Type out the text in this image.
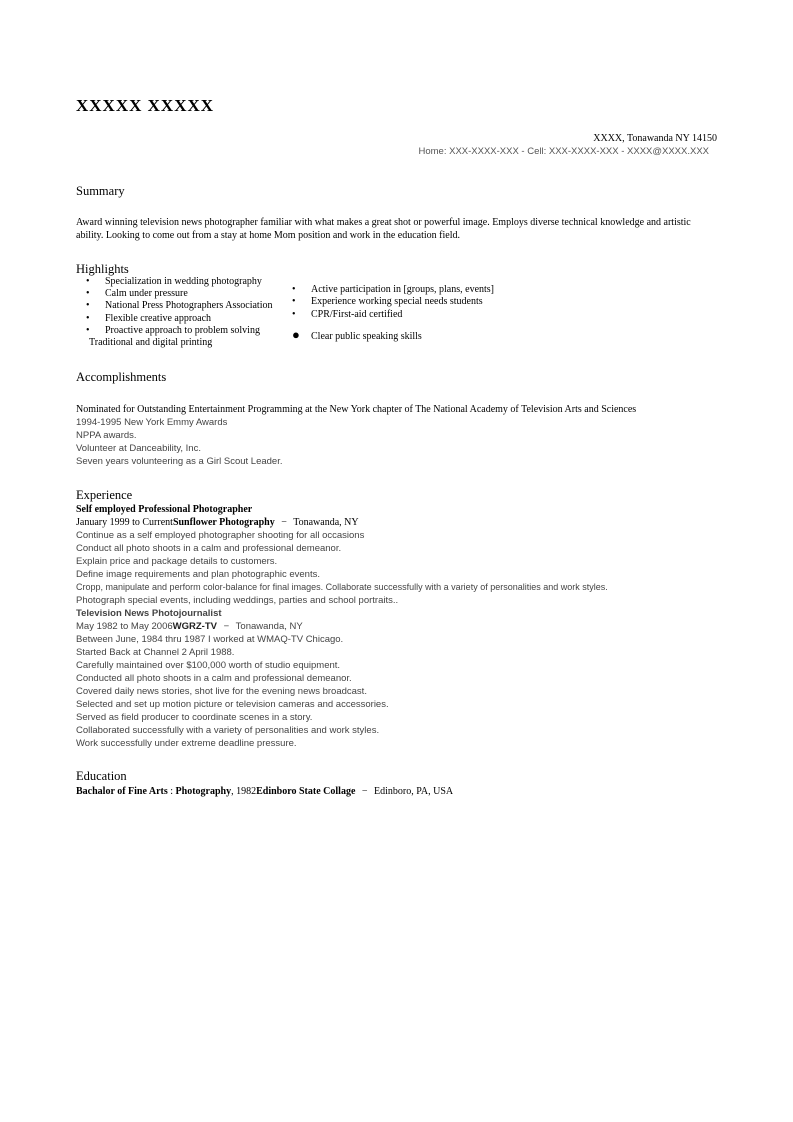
XXXXX XXXXX
XXXX, Tonawanda NY 14150
Home: XXX-XXXX-XXX - Cell: XXX-XXXX-XXX - XXXX@XXXX.XXX
Summary
Award winning television news photographer familiar with what makes a great shot or powerful image. Employs diverse technical knowledge and artistic
ability. Looking to come out from a stay at home Mom position and work in the education field.
Highlights
• Specialization in wedding photography
• Calm under pressure
• National Press Photographers Association
• Flexible creative approach
• Proactive approach to problem solving
Traditional and digital printing
• Active participation in [groups, plans, events]
• Experience working special needs students
• CPR/First-aid certified
● Clear public speaking skills
Accomplishments
Nominated for Outstanding Entertainment Programming at the New York chapter of The National Academy of Television Arts and Sciences
1994-1995 New York Emmy Awards
NPPA awards.
Volunteer at Danceability, Inc.
Seven years volunteering as a Girl Scout Leader.
Experience
Self employed Professional Photographer
January 1999 to CurrentSunflower Photography − Tonawanda, NY
Continue as a self employed photographer shooting for all occasions
Conduct all photo shoots in a calm and professional demeanor.
Explain price and package details to customers.
Define image requirements and plan photographic events.
Cropp, manipulate and perform color-balance for final images. Collaborate successfully with a variety of personalities and work styles.
Photograph special events, including weddings, parties and school portraits..
Television News Photojournalist
May 1982 to May 2006WGRZ-TV − Tonawanda, NY
Between June, 1984 thru 1987 I worked at WMAQ-TV Chicago.
Started Back at Channel 2 April 1988.
Carefully maintained over $100,000 worth of studio equipment.
Conducted all photo shoots in a calm and professional demeanor.
Covered daily news stories, shot live for the evening news broadcast.
Selected and set up motion picture or television cameras and accessories.
Served as field producer to coordinate scenes in a story.
Collaborated successfully with a variety of personalities and work styles.
Work successfully under extreme deadline pressure.
Education
Bachalor of Fine Arts : Photography, 1982Edinboro State Collage − Edinboro, PA, USA
